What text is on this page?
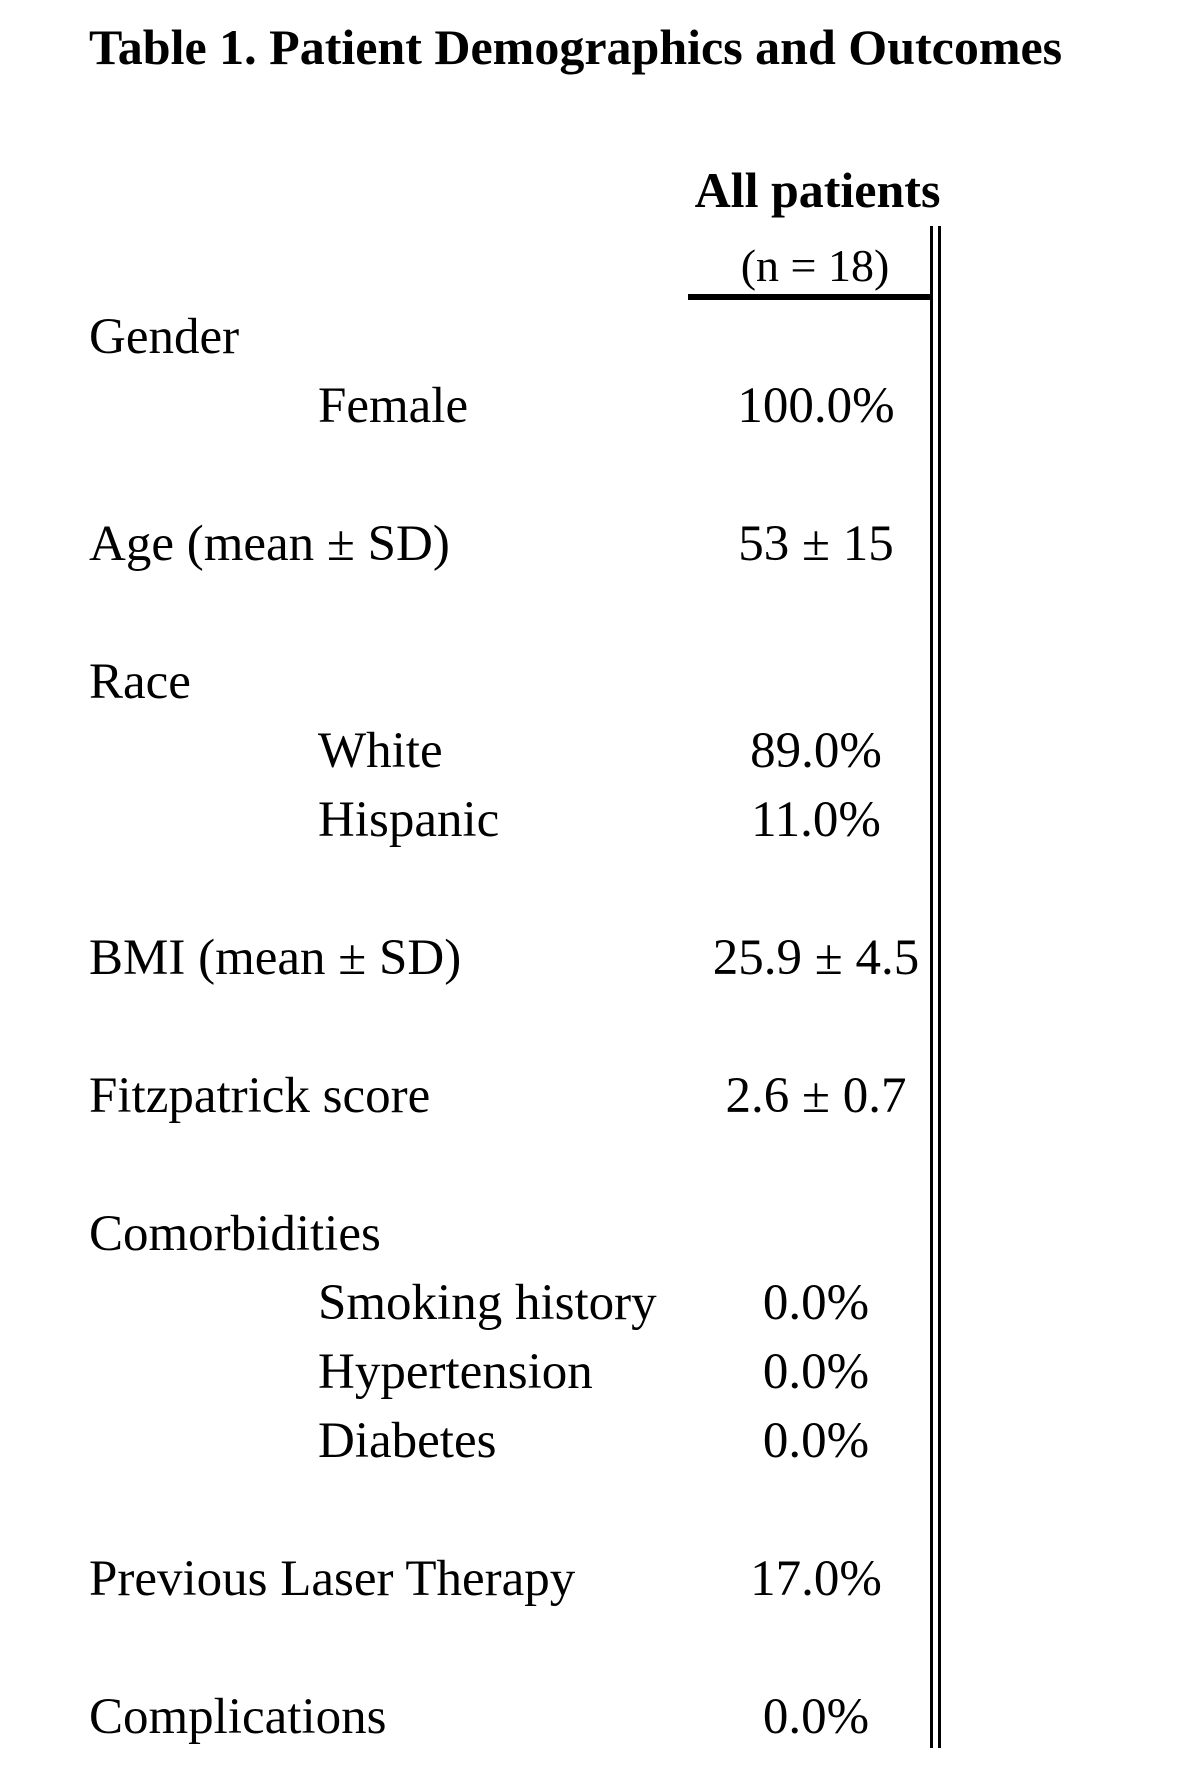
Table 1. Patient Demographics and Outcomes
All patients
(n = 18)
Gender
Female	100.0%
Age (mean ± SD)	53 ± 15
Race
White	89.0%
Hispanic	11.0%
BMI (mean ± SD)	25.9 ± 4.5
Fitzpatrick score	2.6 ± 0.7
Comorbidities
Smoking history	0.0%
Hypertension	0.0%
Diabetes	0.0%
Previous Laser Therapy	17.0%
Complications	0.0%
